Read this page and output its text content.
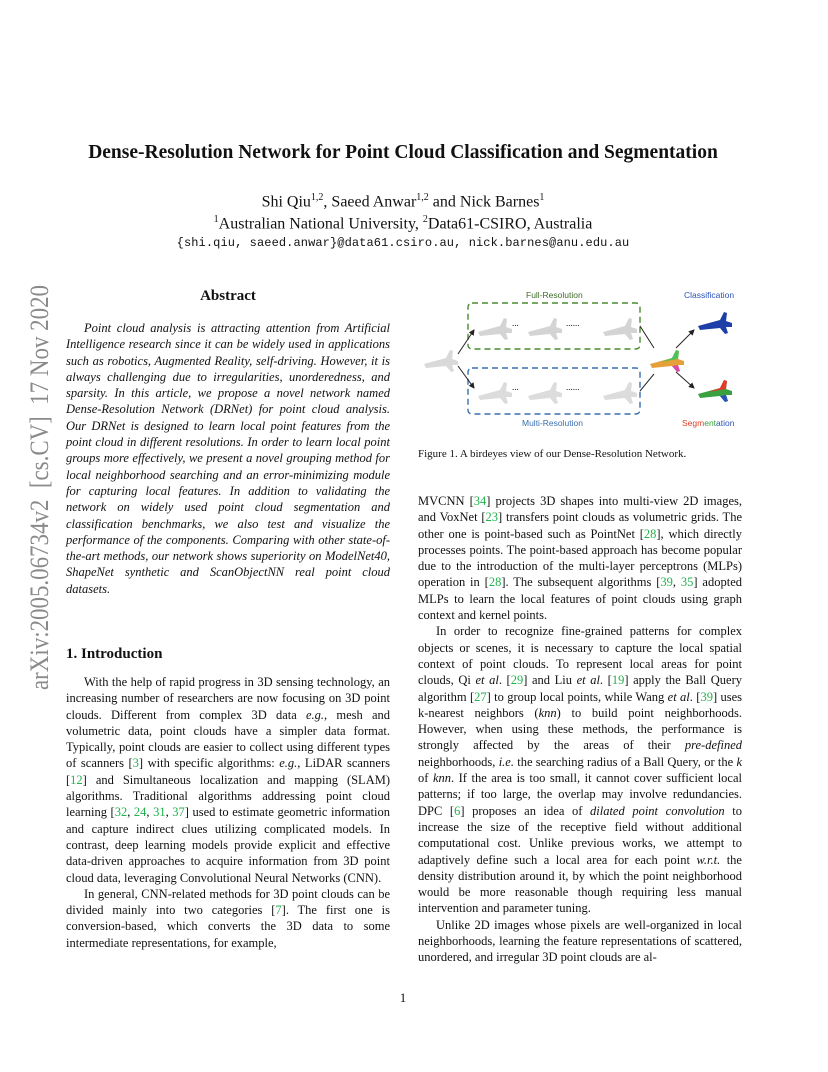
arXiv:2005.06734v2  [cs.CV]  17 Nov 2020
Dense-Resolution Network for Point Cloud Classification and Segmentation
Shi Qiu$^{1,2}$, Saeed Anwar$^{1,2}$ and Nick Barnes$^1$
$^1$Australian National University, $^2$Data61-CSIRO, Australia
{shi.qiu, saeed.anwar}@data61.csiro.au, nick.barnes@anu.edu.au
Abstract

Point cloud analysis is attracting attention from Artificial Intelligence research since it can be widely used in applications such as robotics, Augmented Reality, self-driving. However, it is always challenging due to irregularities, unorderedness, and sparsity. In this article, we propose a novel network named Dense-Resolution Network (DRNet) for point cloud analysis. Our DRNet is designed to learn local point features from the point cloud in different resolutions. In order to learn local point groups more effectively, we present a novel grouping method for local neighborhood searching and an error-minimizing module for capturing local features. In addition to validating the network on widely used point cloud segmentation and classification benchmarks, we also test and visualize the performance of the components. Comparing with other state-of-the-art methods, our network shows superiority on ModelNet40, ShapeNet synthetic and ScanObjectNN real point cloud datasets.

1. Introduction

With the help of rapid progress in 3D sensing technology, an increasing number of researchers are now focusing on 3D point clouds. Different from complex 3D data e.g., mesh and volumetric data, point clouds have a simpler data format. Typically, point clouds are easier to collect using different types of scanners [3] with specific algorithms: e.g., LiDAR scanners [12] and Simultaneous localization and mapping (SLAM) algorithms. Traditional algorithms addressing point cloud learning [32, 24, 31, 37] used to estimate geometric information and capture indirect clues utilizing complicated models. In contrast, deep learning models provide explicit and effective data-driven approaches to acquire information from 3D point cloud data, leveraging Convolutional Neural Networks (CNN).

In general, CNN-related methods for 3D point clouds can be divided mainly into two categories [7]. The first one is conversion-based, which converts the 3D data to some intermediate representations, for example,

Full-Resolution	Classification
Multi-Resolution	Segmentation
...	......
...	......
Figure 1. A birdeyes view of our Dense-Resolution Network.

MVCNN [34] projects 3D shapes into multi-view 2D images, and VoxNet [23] transfers point clouds as volumetric grids. The other one is point-based such as PointNet [28], which directly processes points. The point-based approach has become popular due to the introduction of the multi-layer perceptrons (MLPs) operation in [28]. The subsequent algorithms [39, 35] adopted MLPs to learn the local features of point clouds using graph context and kernel points.

In order to recognize fine-grained patterns for complex objects or scenes, it is necessary to capture the local spatial context of point clouds. To represent local areas for point clouds, Qi et al. [29] and Liu et al. [19] apply the Ball Query algorithm [27] to group local points, while Wang et al. [39] uses k-nearest neighbors (knn) to build point neighborhoods. However, when using these methods, the performance is strongly affected by the areas of their pre-defined neighborhoods, i.e. the searching radius of a Ball Query, or the k of knn. If the area is too small, it cannot cover sufficient local patterns; if too large, the overlap may involve redundancies. DPC [6] proposes an idea of dilated point convolution to increase the size of the receptive field without additional computational cost. Unlike previous works, we attempt to adaptively define such a local area for each point w.r.t. the density distribution around it, by which the point neighborhood would be more reasonable though requiring less manual intervention and parameter tuning.

Unlike 2D images whose pixels are well-organized in local neighborhoods, learning the feature representations of scattered, unordered, and irregular 3D point clouds are al-

1
